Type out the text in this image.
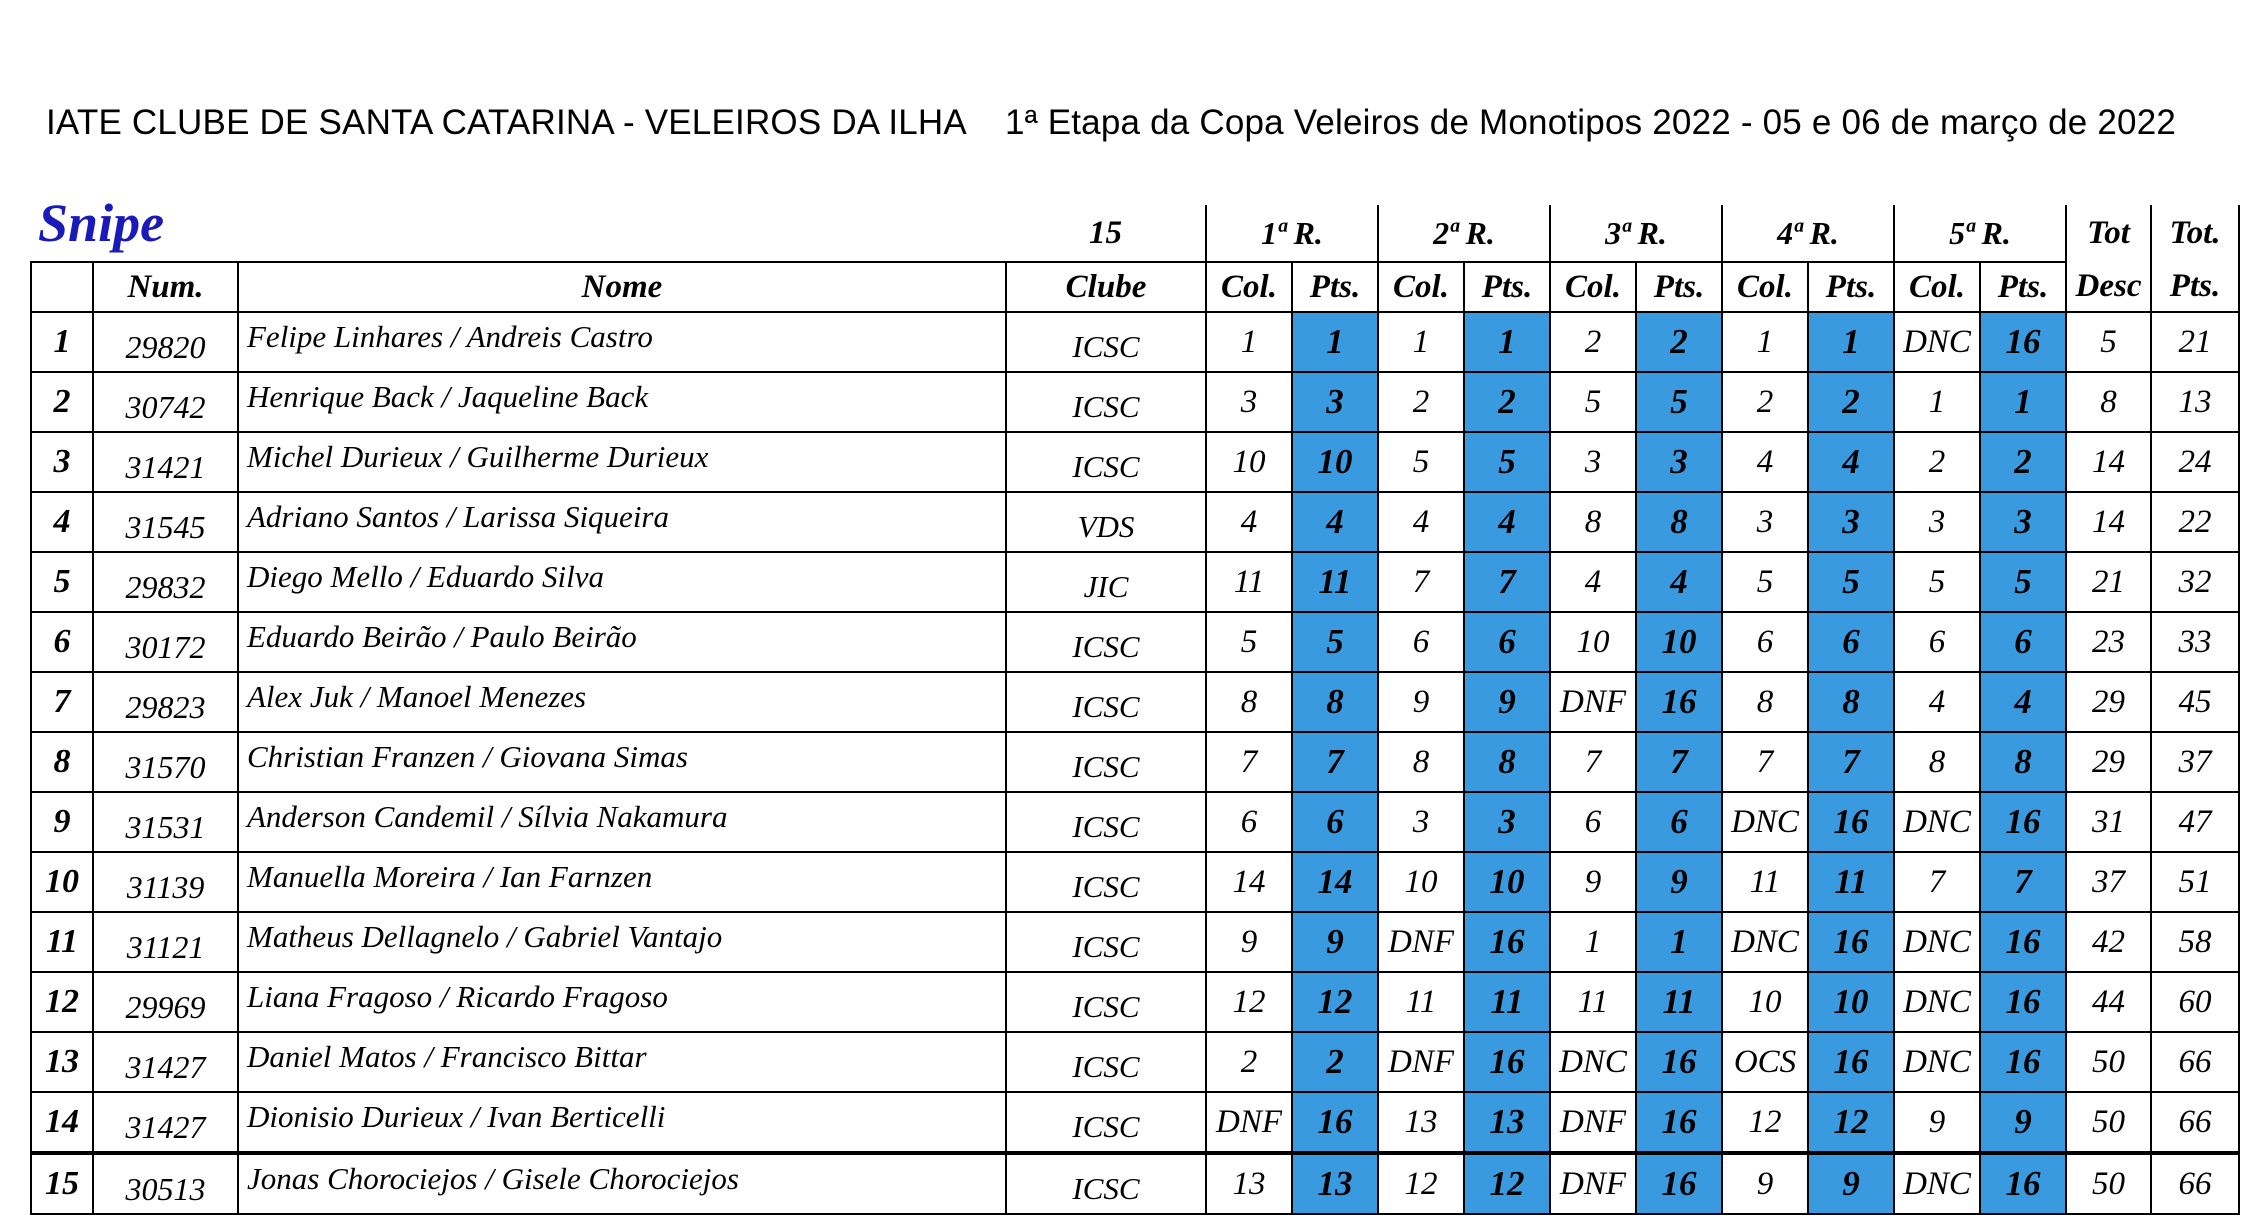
IATE CLUBE DE SANTA CATARINA - VELEIROS DA ILHA 1ª Etapa da Copa Veleiros de Monotipos 2022 - 05 e 06 de março de 2022
Snipe
			15	1ª R.		2ª R.		3ª R.		4ª R.		5ª R.		Tot	Tot.
	Num.	Nome	Clube	Col.	Pts.	Col.	Pts.	Col.	Pts.	Col.	Pts.	Col.	Pts.	Desc	Pts.
1	29820	Felipe Linhares / Andreis Castro	ICSC	1	1	1	1	2	2	1	1	DNC	16	5	21
2	30742	Henrique Back / Jaqueline Back	ICSC	3	3	2	2	5	5	2	2	1	1	8	13
3	31421	Michel Durieux / Guilherme Durieux	ICSC	10	10	5	5	3	3	4	4	2	2	14	24
4	31545	Adriano Santos / Larissa Siqueira	VDS	4	4	4	4	8	8	3	3	3	3	14	22
5	29832	Diego Mello / Eduardo Silva	JIC	11	11	7	7	4	4	5	5	5	5	21	32
6	30172	Eduardo Beirão / Paulo Beirão	ICSC	5	5	6	6	10	10	6	6	6	6	23	33
7	29823	Alex Juk / Manoel Menezes	ICSC	8	8	9	9	DNF	16	8	8	4	4	29	45
8	31570	Christian Franzen / Giovana Simas	ICSC	7	7	8	8	7	7	7	7	8	8	29	37
9	31531	Anderson Candemil / Sílvia Nakamura	ICSC	6	6	3	3	6	6	DNC	16	DNC	16	31	47
10	31139	Manuella Moreira / Ian Farnzen	ICSC	14	14	10	10	9	9	11	11	7	7	37	51
11	31121	Matheus Dellagnelo / Gabriel Vantajo	ICSC	9	9	DNF	16	1	1	DNC	16	DNC	16	42	58
12	29969	Liana Fragoso / Ricardo Fragoso	ICSC	12	12	11	11	11	11	10	10	DNC	16	44	60
13	31427	Daniel Matos / Francisco Bittar	ICSC	2	2	DNF	16	DNC	16	OCS	16	DNC	16	50	66
14	31427	Dionisio Durieux / Ivan Berticelli	ICSC	DNF	16	13	13	DNF	16	12	12	9	9	50	66
15	30513	Jonas Chorociejos / Gisele Chorociejos	ICSC	13	13	12	12	DNF	16	9	9	DNC	16	50	66
